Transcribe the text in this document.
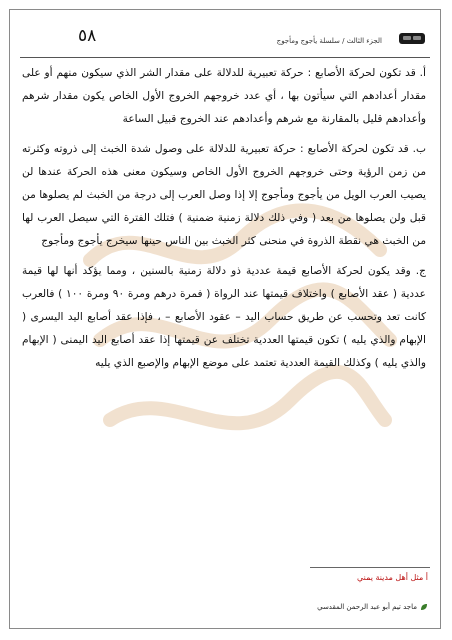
٥٨	الجزء الثالث / سلسلة يأجوج ومأجوج

أ. قد تكون لحركة الأصابع : حركة تعبيرية للدلالة على مقدار الشر الذي سيكون منهم أو على مقدار أعدادهم التي سيأتون بها ، أي عدد خروجهم الخروج الأول الخاص يكون مقدار شرهم وأعدادهم قليل بالمقارنة مع شرهم وأعدادهم عند الخروج قبيل الساعة

ب. قد تكون لحركة الأصابع : حركة تعبيرية للدلالة على وصول شدة الخبث إلى ذروته وكثرته من زمن الرؤية وحتى خروجهم الخروج الأول الخاص وسيكون معنى هذه الحركة عندها لن يصيب العرب الويل من يأجوج ومأجوج إلا إذا وصل العرب إلى درجة من الخبث لم يصلوها من قبل ولن يصلوها من بعد ( وفي ذلك دلالة زمنية ضمنية ) فتلك الفترة التي سيصل العرب لها من الخبث هي نقطة الذروة في منحنى كثر الخبث بين الناس حينها سيخرج يأجوج ومأجوج

ج. وقد يكون لحركة الأصابع قيمة عددية ذو دلالة زمنية بالسنين ، ومما يؤكد أنها لها قيمة عددية ( عقد الأصابع ) واختلاف قيمتها عند الرواة ( فمرة درهم ومرة ٩٠ ومرة ١٠٠ ) فالعرب كانت تعد وتحسب عن طريق حساب اليد – عقود الأصابع – ، فإذا عقد أصابع اليد اليسرى ( الإبهام والذي يليه ) تكون قيمتها العددية تختلف عن قيمتها إذا عقد أصابع اليد اليمنى ( الإبهام والذي يليه ) وكذلك القيمة العددية تعتمد على موضع الإبهام والإصبع الذي يليه

أ مثل أهل مدينة يمني
ماجد تيم أبو عبد الرحمن المقدسي
